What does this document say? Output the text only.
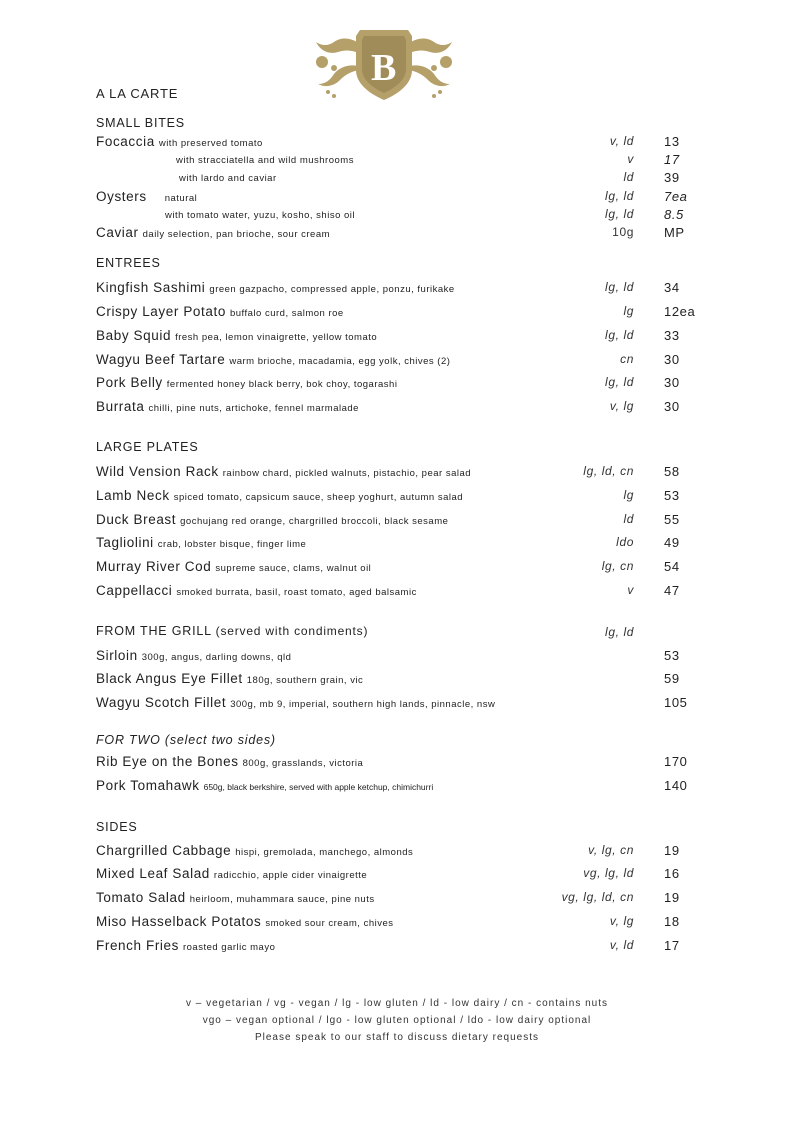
B
A LA CARTE
SMALL BITES
Focaccia with preserved tomato	v, ld 13
with stracciatella and wild mushrooms	v 17
with lardo and caviar	ld 39
Oysters natural	lg, ld 7ea
with tomato water, yuzu, kosho, shiso oil	lg, ld 8.5
Caviar daily selection, pan brioche, sour cream	10g MP
ENTREES
Kingfish Sashimi green gazpacho, compressed apple, ponzu, furikake	lg, ld 34
Crispy Layer Potato buffalo curd, salmon roe	lg 12ea
Baby Squid fresh pea, lemon vinaigrette, yellow tomato	lg, ld 33
Wagyu Beef Tartare warm brioche, macadamia, egg yolk, chives (2)	cn 30
Pork Belly fermented honey black berry, bok choy, togarashi	lg, ld 30
Burrata chilli, pine nuts, artichoke, fennel marmalade	v, lg 30
LARGE PLATES
Wild Vension Rack rainbow chard, pickled walnuts, pistachio, pear salad	lg, ld, cn 58
Lamb Neck spiced tomato, capsicum sauce, sheep yoghurt, autumn salad	lg 53
Duck Breast gochujang red orange, chargrilled broccoli, black sesame	ld 55
Tagliolini crab, lobster bisque, finger lime	ldo 49
Murray River Cod supreme sauce, clams, walnut oil	lg, cn 54
Cappellacci smoked burrata, basil, roast tomato, aged balsamic	v 47
FROM THE GRILL (served with condiments)	lg, ld
Sirloin 300g, angus, darling downs, qld	53
Black Angus Eye Fillet 180g, southern grain, vic	59
Wagyu Scotch Fillet 300g, mb 9, imperial, southern high lands, pinnacle, nsw	105
FOR TWO (select two sides)
Rib Eye on the Bones 800g, grasslands, victoria	170
Pork Tomahawk 650g, black berkshire, served with apple ketchup, chimichurri	140
SIDES
Chargrilled Cabbage hispi, gremolada, manchego, almonds	v, lg, cn 19
Mixed Leaf Salad radicchio, apple cider vinaigrette	vg, lg, ld 16
Tomato Salad heirloom, muhammara sauce, pine nuts	vg, lg, ld, cn 19
Miso Hasselback Potatos smoked sour cream, chives	v, lg 18
French Fries roasted garlic mayo	v, ld 17
v – vegetarian / vg - vegan / lg - low gluten / ld - low dairy / cn - contains nuts
vgo – vegan optional / lgo - low gluten optional / ldo - low dairy optional
Please speak to our staff to discuss dietary requests
